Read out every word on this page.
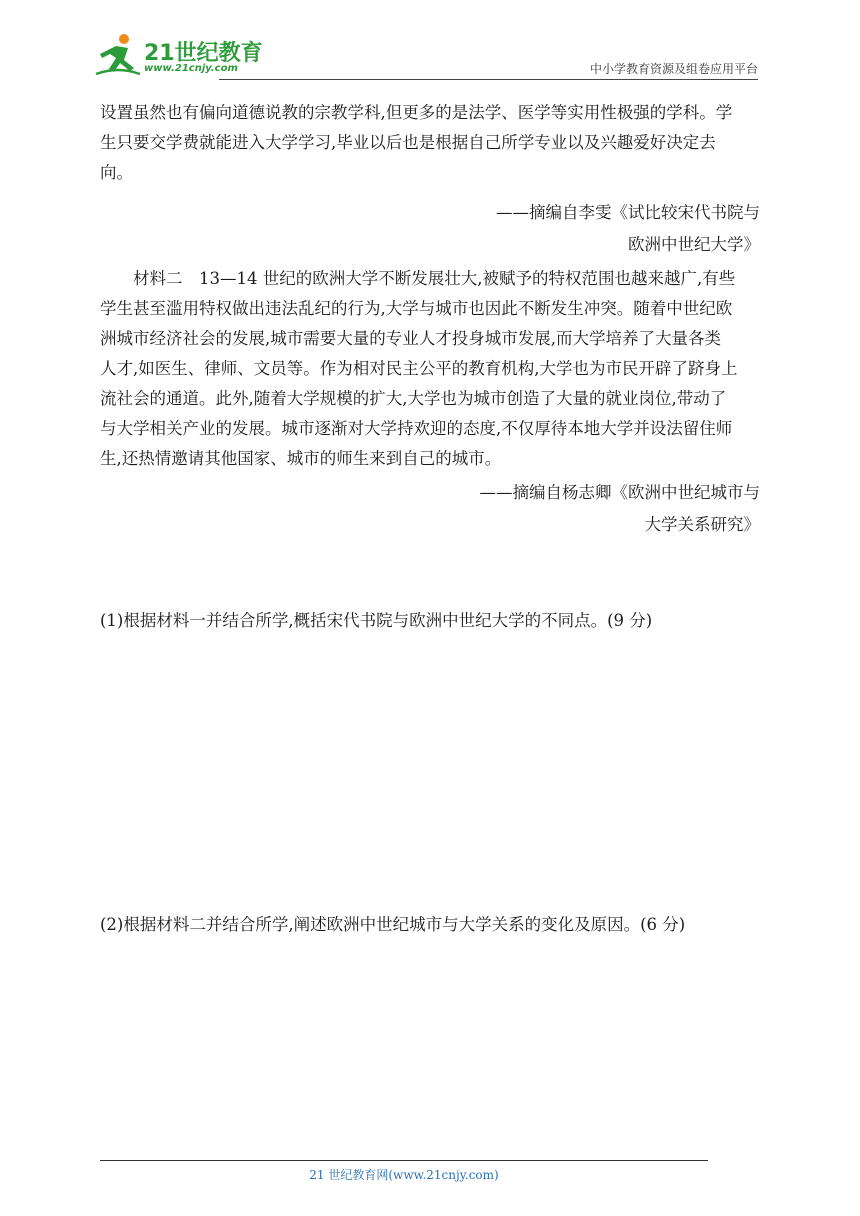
21世纪教育
www.21cnjy.com	中小学教育资源及组卷应用平台

设置虽然也有偏向道德说教的宗教学科,但更多的是法学、医学等实用性极强的学科。学

生只要交学费就能进入大学学习,毕业以后也是根据自己所学专业以及兴趣爱好决定去

向。

——摘编自李雯《试比较宋代书院与

欧洲中世纪大学》

材料二　13—14 世纪的欧洲大学不断发展壮大,被赋予的特权范围也越来越广,有些

学生甚至滥用特权做出违法乱纪的行为,大学与城市也因此不断发生冲突。随着中世纪欧

洲城市经济社会的发展,城市需要大量的专业人才投身城市发展,而大学培养了大量各类

人才,如医生、律师、文员等。作为相对民主公平的教育机构,大学也为市民开辟了跻身上

流社会的通道。此外,随着大学规模的扩大,大学也为城市创造了大量的就业岗位,带动了

与大学相关产业的发展。城市逐渐对大学持欢迎的态度,不仅厚待本地大学并设法留住师

生,还热情邀请其他国家、城市的师生来到自己的城市。

——摘编自杨志卿《欧洲中世纪城市与

大学关系研究》

(1)根据材料一并结合所学,概括宋代书院与欧洲中世纪大学的不同点。(9 分)
(2)根据材料二并结合所学,阐述欧洲中世纪城市与大学关系的变化及原因。(6 分)
21 世纪教育网(www.21cnjy.com)
